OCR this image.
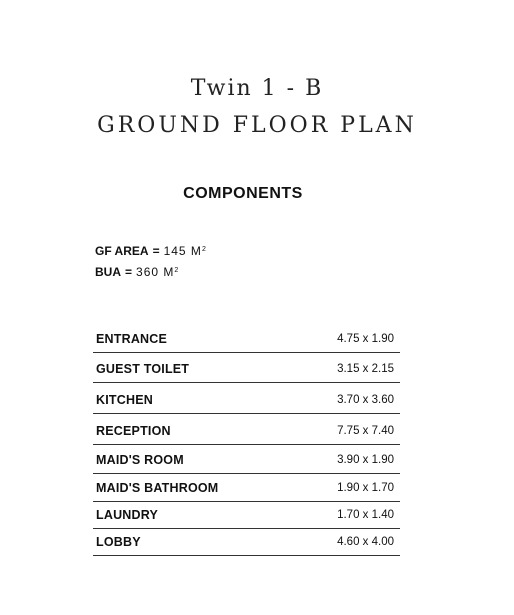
Twin 1 - B
GROUND FLOOR PLAN
COMPONENTS
GF AREA = 145 $M^2$
BUA = 360 $M^2$
ENTRANCE	4.75 x 1.90
GUEST TOILET	3.15 x 2.15
KITCHEN	3.70 x 3.60
RECEPTION	7.75 x 7.40
MAID'S ROOM	3.90 x 1.90
MAID'S BATHROOM	1.90 x 1.70
LAUNDRY	1.70 x 1.40
LOBBY	4.60 x 4.00
